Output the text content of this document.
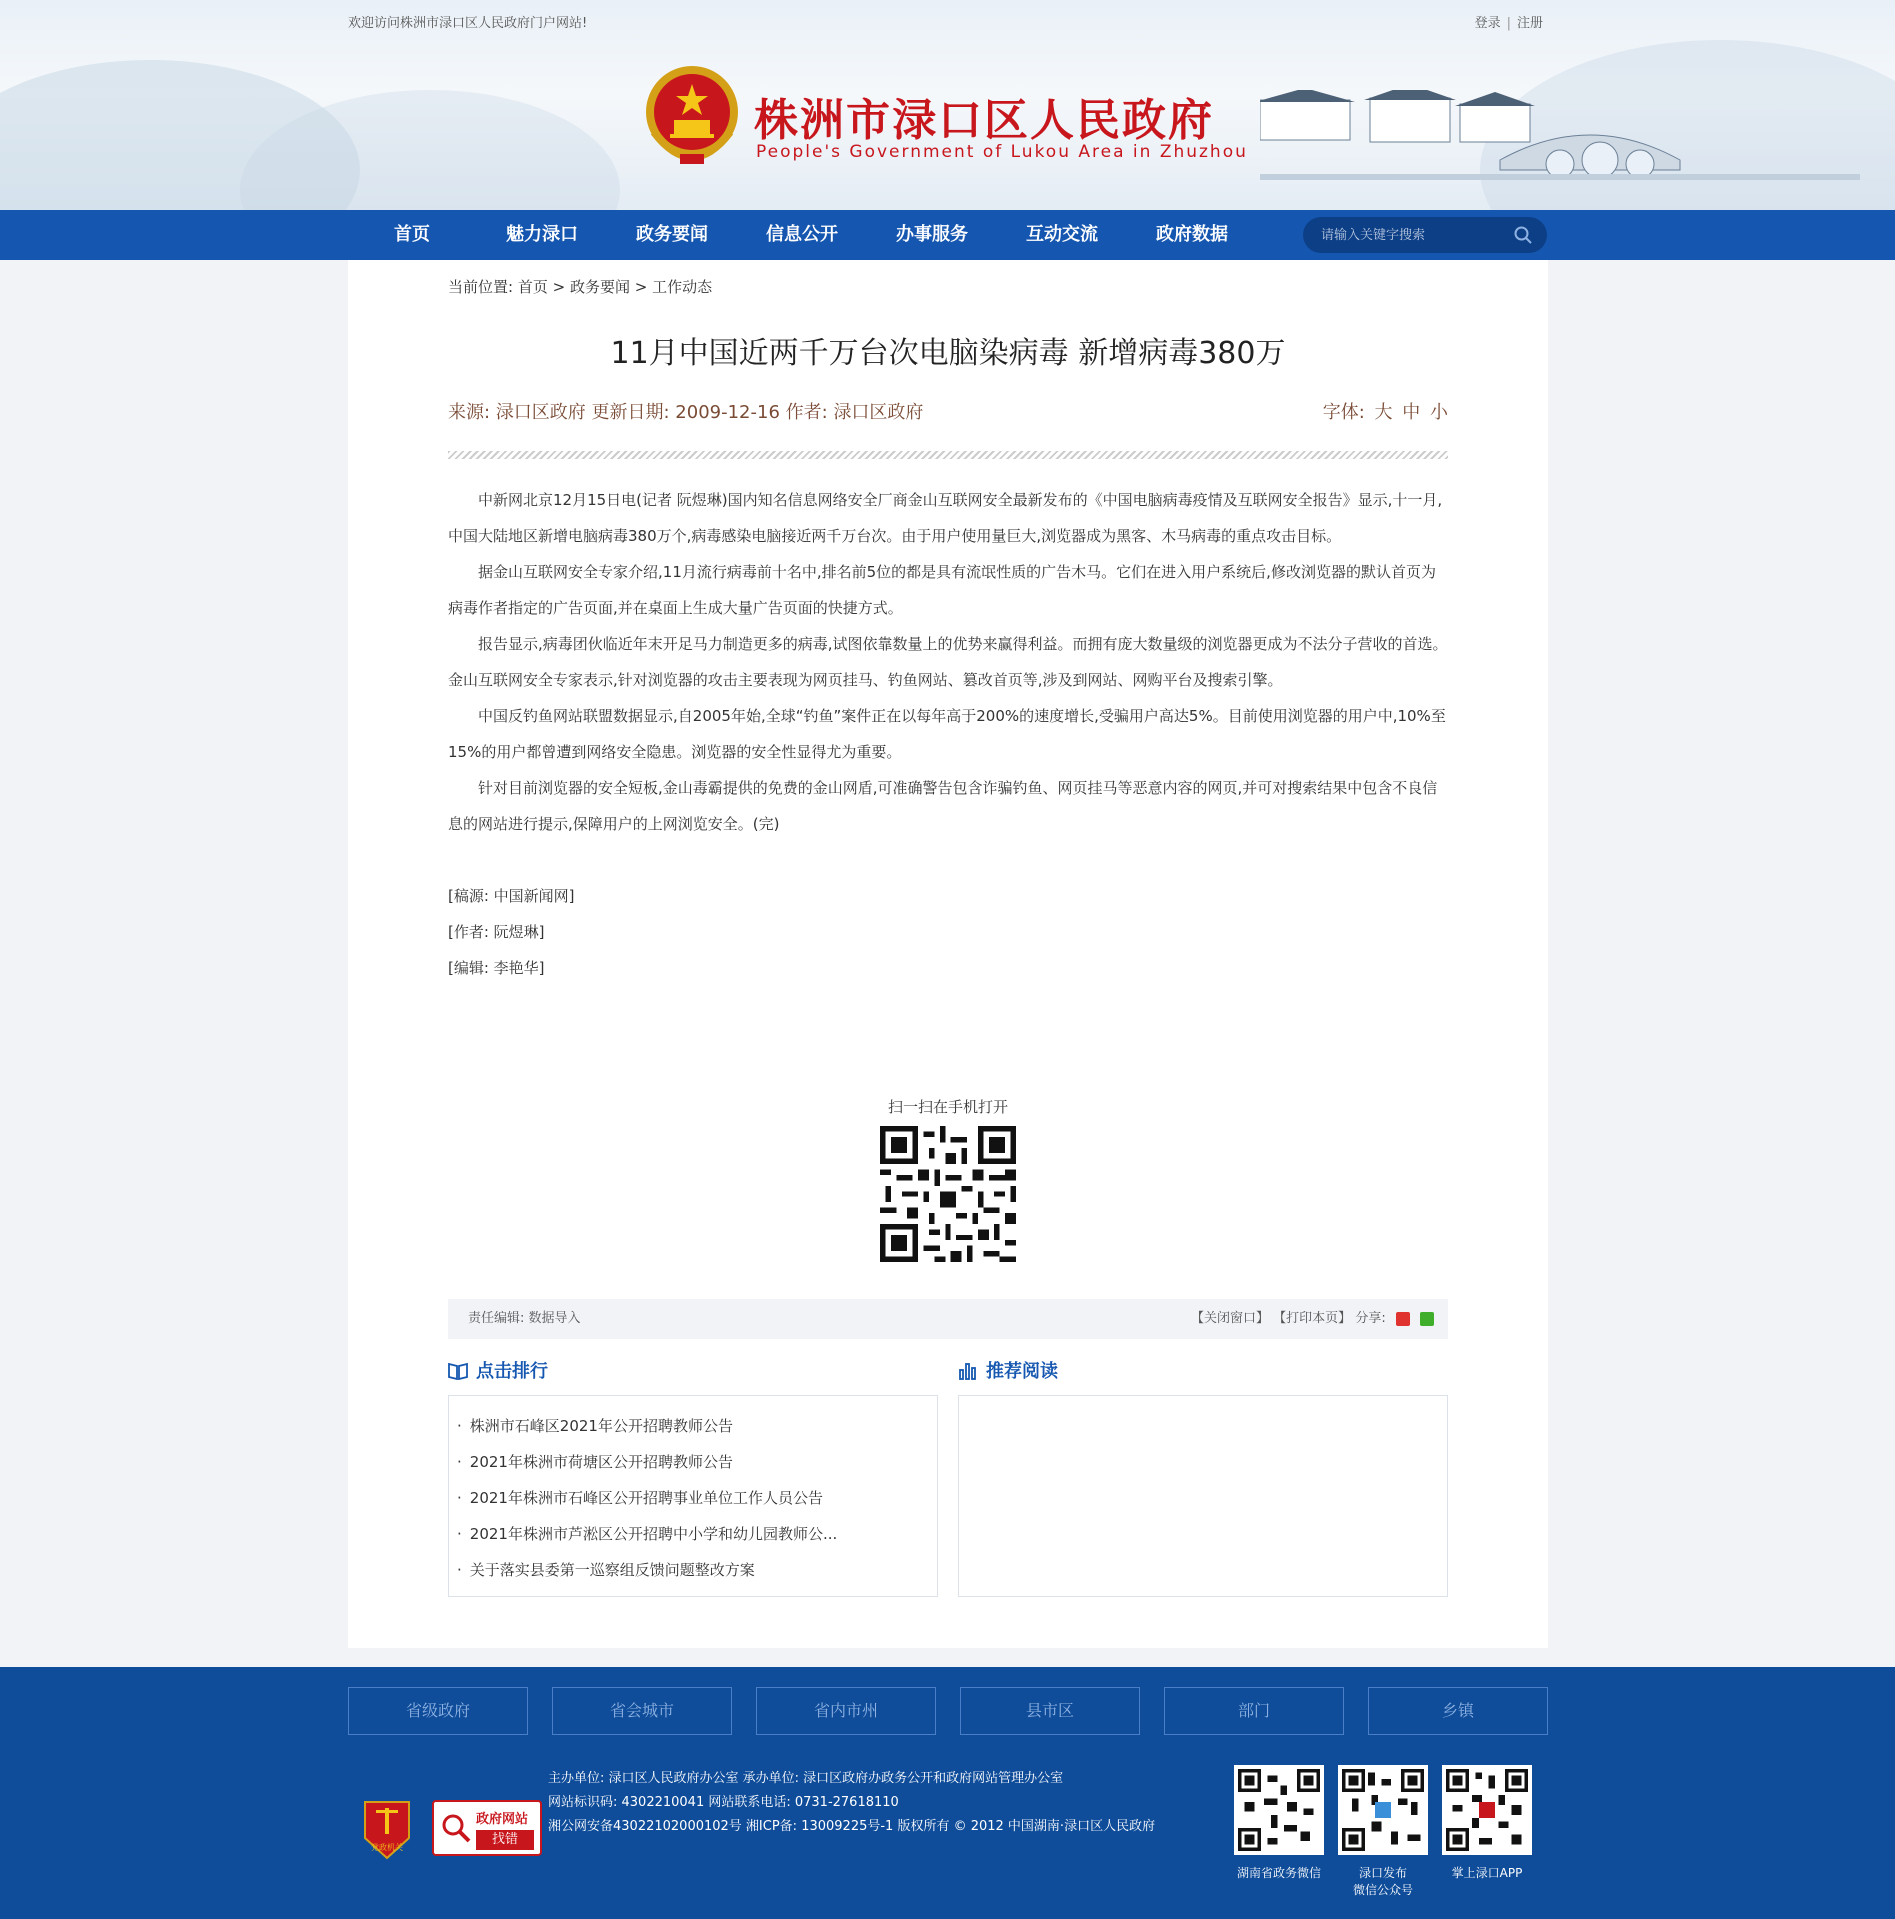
欢迎访问株洲市渌口区人民政府门户网站!	登录 | 注册
株洲市渌口区人民政府
People's Government of Lukou Area in Zhuzhou
首页	魅力渌口	政务要闻	信息公开	办事服务	互动交流	政府数据
请输入关键字搜索
当前位置: 首页 > 政务要闻 > 工作动态
11月中国近两千万台次电脑染病毒 新增病毒380万
来源: 渌口区政府 更新日期: 2009-12-16 作者: 渌口区政府	字体: 大 中 小

中新网北京12月15日电(记者 阮煜琳)国内知名信息网络安全厂商金山互联网安全最新发布的《中国电脑病毒疫情及互联网安全报告》显示,十一月,中国大陆地区新增电脑病毒380万个,病毒感染电脑接近两千万台次。由于用户使用量巨大,浏览器成为黑客、木马病毒的重点攻击目标。

据金山互联网安全专家介绍,11月流行病毒前十名中,排名前5位的都是具有流氓性质的广告木马。它们在进入用户系统后,修改浏览器的默认首页为病毒作者指定的广告页面,并在桌面上生成大量广告页面的快捷方式。

报告显示,病毒团伙临近年末开足马力制造更多的病毒,试图依靠数量上的优势来赢得利益。而拥有庞大数量级的浏览器更成为不法分子营收的首选。金山互联网安全专家表示,针对浏览器的攻击主要表现为网页挂马、钓鱼网站、篡改首页等,涉及到网站、网购平台及搜索引擎。

中国反钓鱼网站联盟数据显示,自2005年始,全球“钓鱼”案件正在以每年高于200%的速度增长,受骗用户高达5%。目前使用浏览器的用户中,10%至15%的用户都曾遭到网络安全隐患。浏览器的安全性显得尤为重要。

针对目前浏览器的安全短板,金山毒霸提供的免费的金山网盾,可准确警告包含诈骗钓鱼、网页挂马等恶意内容的网页,并可对搜索结果中包含不良信息的网站进行提示,保障用户的上网浏览安全。(完)

[稿源: 中国新闻网]

[作者: 阮煜琳]

[编辑: 李艳华]

扫一扫在手机打开
责任编辑: 数据导入	【关闭窗口】 【打印本页】 分享:
点击排行
· 株洲市石峰区2021年公开招聘教师公告
· 2021年株洲市荷塘区公开招聘教师公告
· 2021年株洲市石峰区公开招聘事业单位工作人员公告
· 2021年株洲市芦淞区公开招聘中小学和幼儿园教师公...
· 关于落实县委第一巡察组反馈问题整改方案
推荐阅读
省级政府	省会城市	省内市州	县市区	部门	乡镇
党政机关
政府网站
找错
主办单位: 渌口区人民政府办公室 承办单位: 渌口区政府办政务公开和政府网站管理办公室
网站标识码: 4302210041 网站联系电话: 0731-27618110
湘公网安备43022102000102号 湘ICP备: 13009225号-1 版权所有 © 2012 中国湖南·渌口区人民政府
湖南省政务微信	渌口发布
微信公众号
掌上渌口APP
